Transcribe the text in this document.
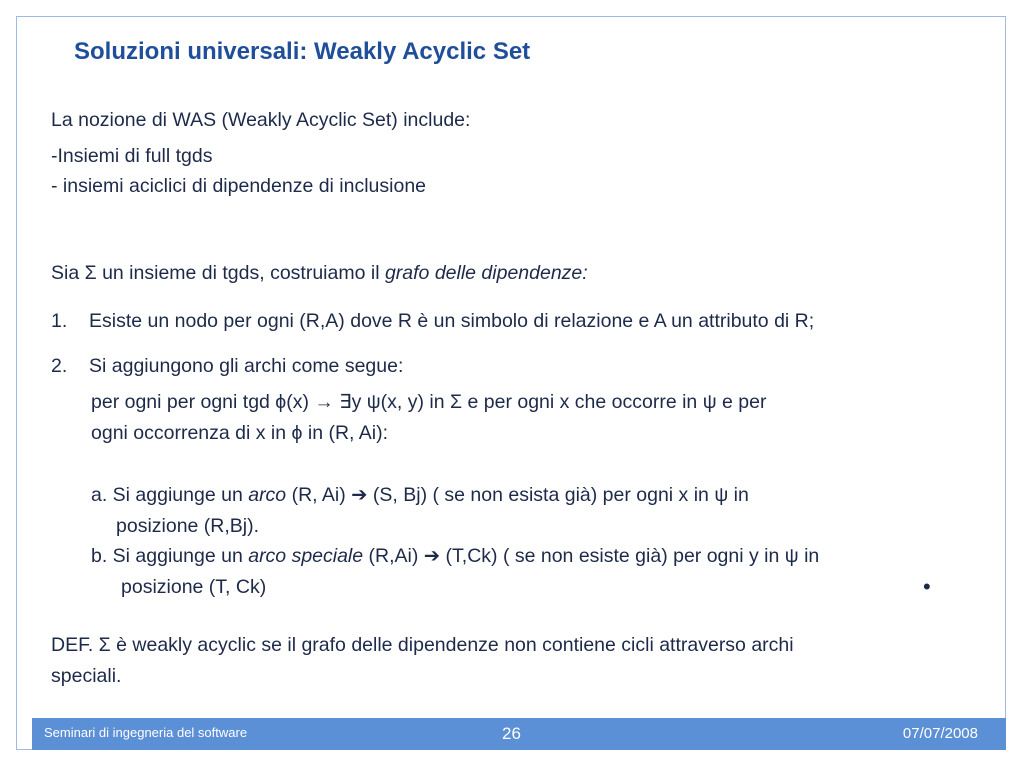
Soluzioni universali: Weakly Acyclic Set
La nozione di WAS (Weakly Acyclic Set) include:
-Insiemi di full tgds
- insiemi aciclici di dipendenze di inclusione
Sia Σ un insieme di tgds, costruiamo il grafo delle dipendenze:
1. Esiste un nodo per ogni (R,A) dove R è un simbolo di relazione e A un attributo di R;
2. Si aggiungono gli archi come segue:
per ogni per ogni tgd ϕ(x) → ∃y ψ(x, y) in Σ e per ogni x che occorre in ψ e per
ogni occorrenza di x in ϕ in (R, Ai):
a. Si aggiunge un arco (R, Ai) ➔ (S, Bj) ( se non esista già) per ogni x in ψ in
posizione (R,Bj).
b. Si aggiunge un arco speciale (R,Ai) ➔ (T,Ck) ( se non esiste già) per ogni y in ψ in
posizione (T, Ck)
DEF. Σ è weakly acyclic se il grafo delle dipendenze non contiene cicli attraverso archi
speciali.
•
Seminari di ingegneria del software	26	07/07/2008
